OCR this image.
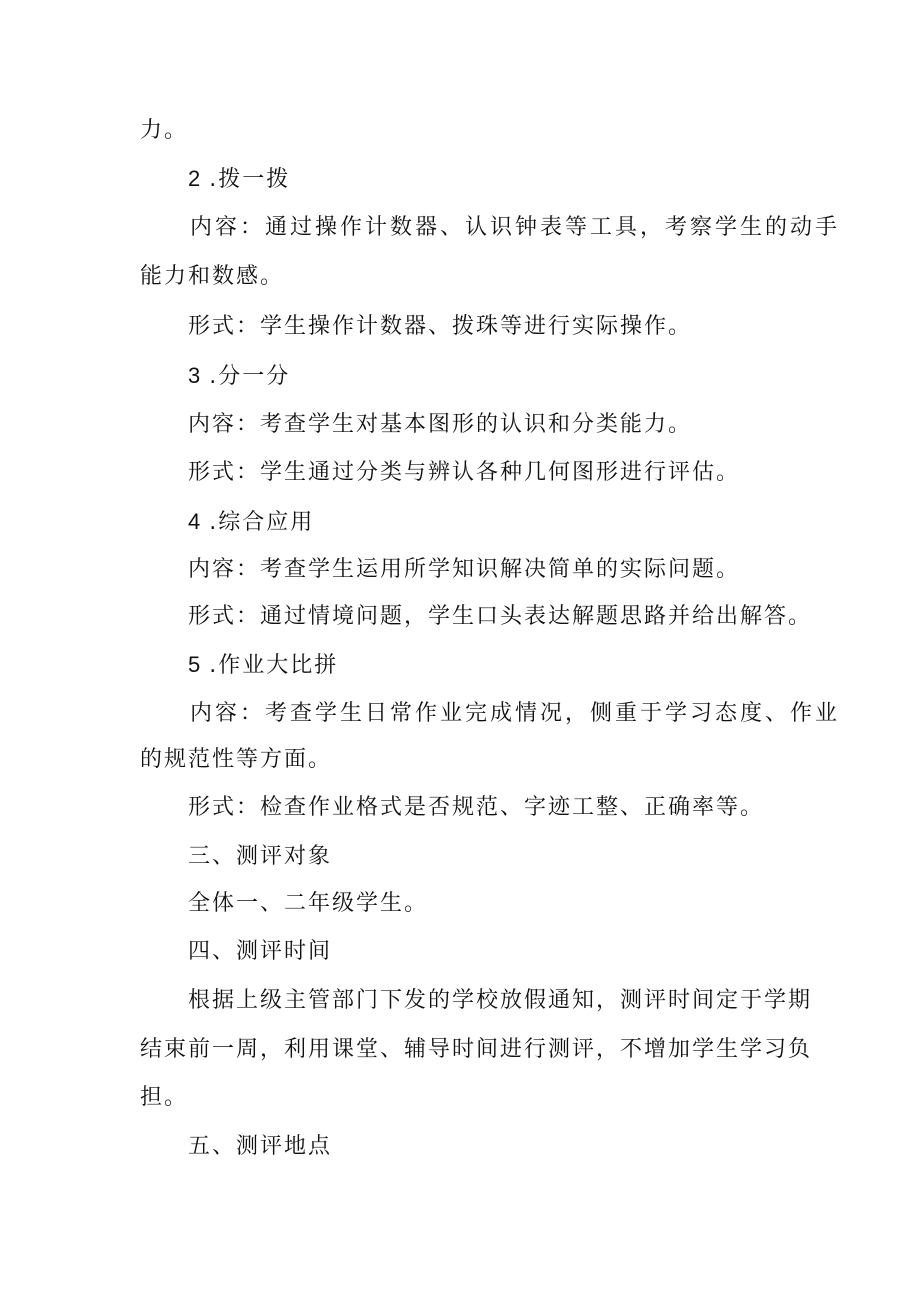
力。
2 .拨一拨
内容：通过操作计数器、认识钟表等工具，考察学生的动手
能力和数感。
形式：学生操作计数器、拨珠等进行实际操作。
3 .分一分
内容：考查学生对基本图形的认识和分类能力。
形式：学生通过分类与辨认各种几何图形进行评估。
4 .综合应用
内容：考查学生运用所学知识解决简单的实际问题。
形式：通过情境问题，学生口头表达解题思路并给出解答。
5 .作业大比拼
内容：考查学生日常作业完成情况，侧重于学习态度、作业
的规范性等方面。
形式：检查作业格式是否规范、字迹工整、正确率等。
三、测评对象
全体一、二年级学生。
四、测评时间
根据上级主管部门下发的学校放假通知，测评时间定于学期
结束前一周，利用课堂、辅导时间进行测评，不增加学生学习负
担。
五、测评地点
